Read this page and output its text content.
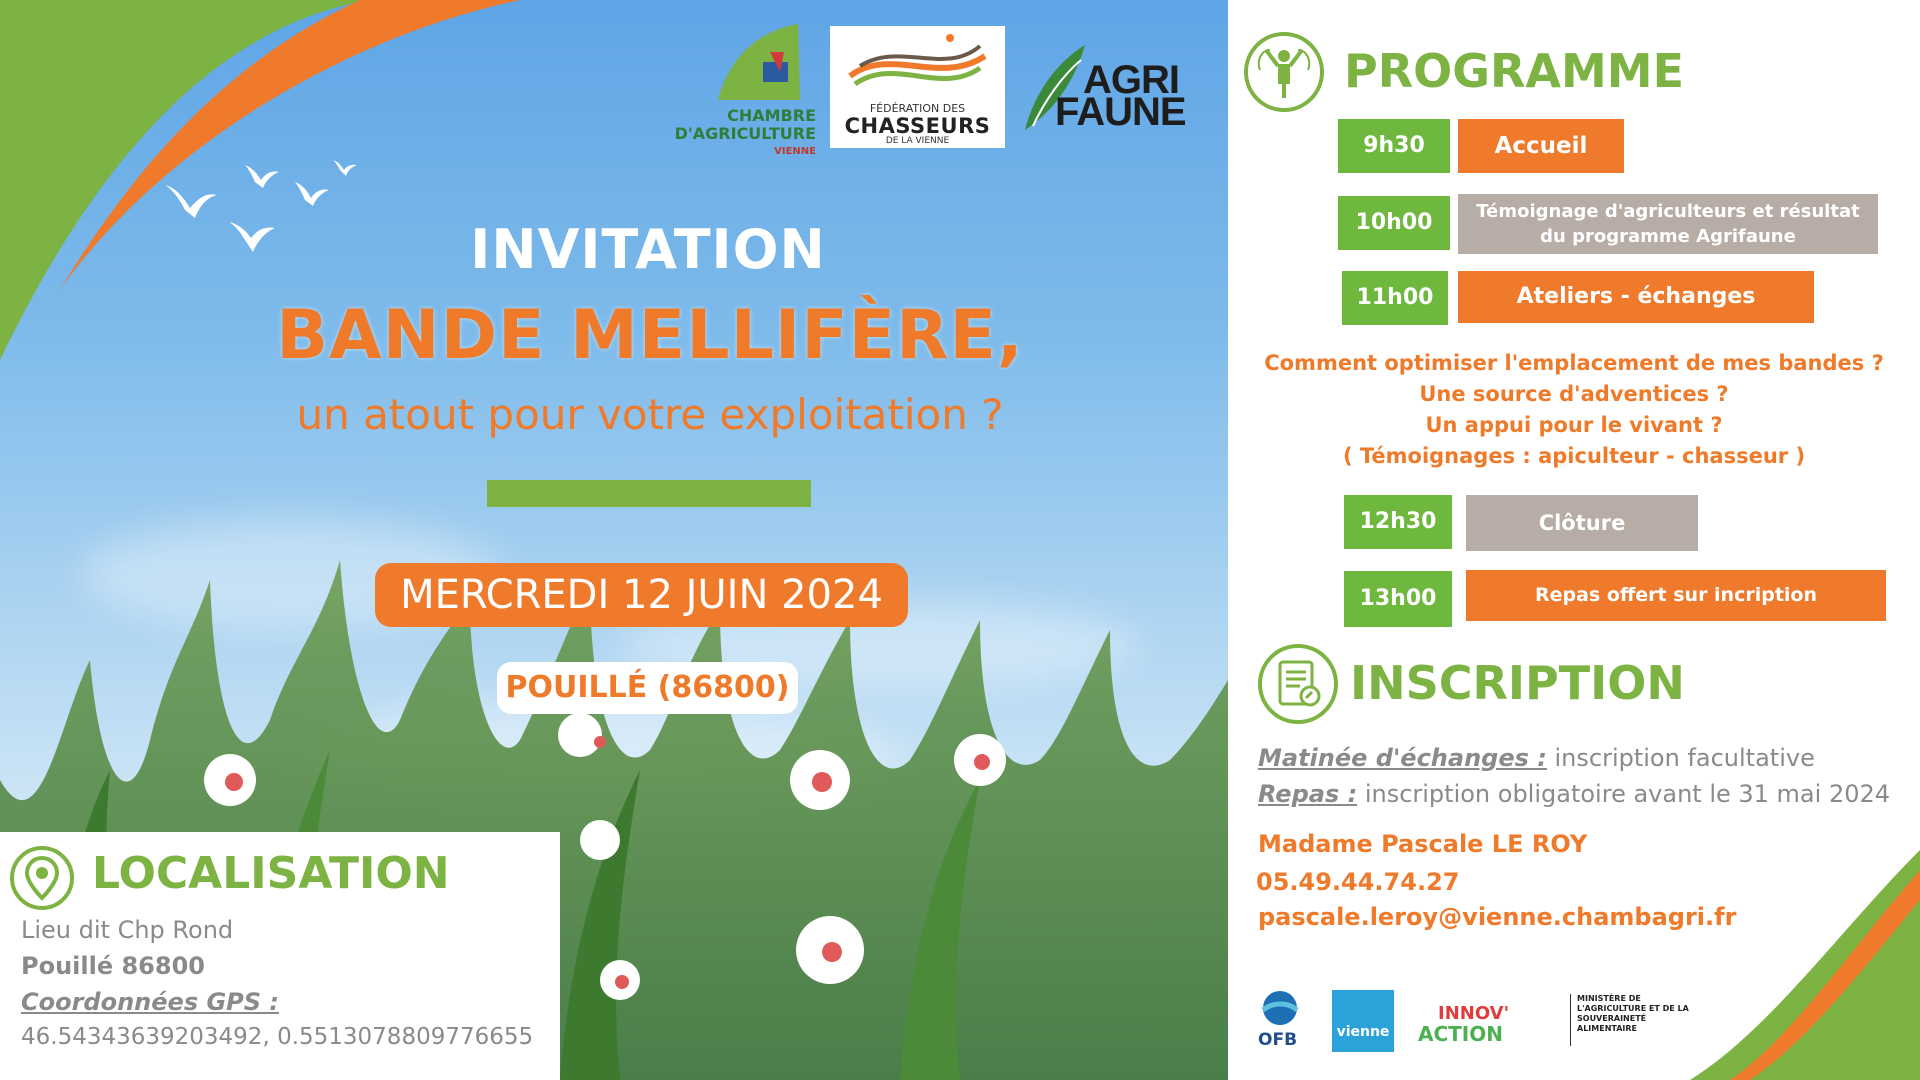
CHAMBRE
D'AGRICULTURE
VIENNE
FÉDÉRATION DES
CHASSEURS
DE LA VIENNE
AGRI
FAUNE
INVITATION
BANDE MELLIFÈRE,
un atout pour votre exploitation ?
MERCREDI 12 JUIN 2024
POUILLÉ (86800)
LOCALISATION
Lieu dit Chp Rond
Pouillé 86800
Coordonnées GPS :
46.54343639203492, 0.5513078809776655
PROGRAMME
9h30	Accueil
10h00	Témoignage d'agriculteurs et résultat du programme Agrifaune
11h00	Ateliers - échanges
Comment optimiser l'emplacement de mes bandes ?
Une source d'adventices ?
Un appui pour le vivant ?
( Témoignages : apiculteur - chasseur )
12h30	Clôture
13h00	Repas offert sur incription
INSCRIPTION
Matinée d'échanges : inscription facultative
Repas : inscription obligatoire avant le 31 mai 2024
Madame Pascale LE ROY
05.49.44.74.27
pascale.leroy@vienne.chambagri.fr
OFB	vienne
INNOV'
ACTION
MINISTÈRE DE L'AGRICULTURE ET DE LA SOUVERAINETÉ ALIMENTAIRE
